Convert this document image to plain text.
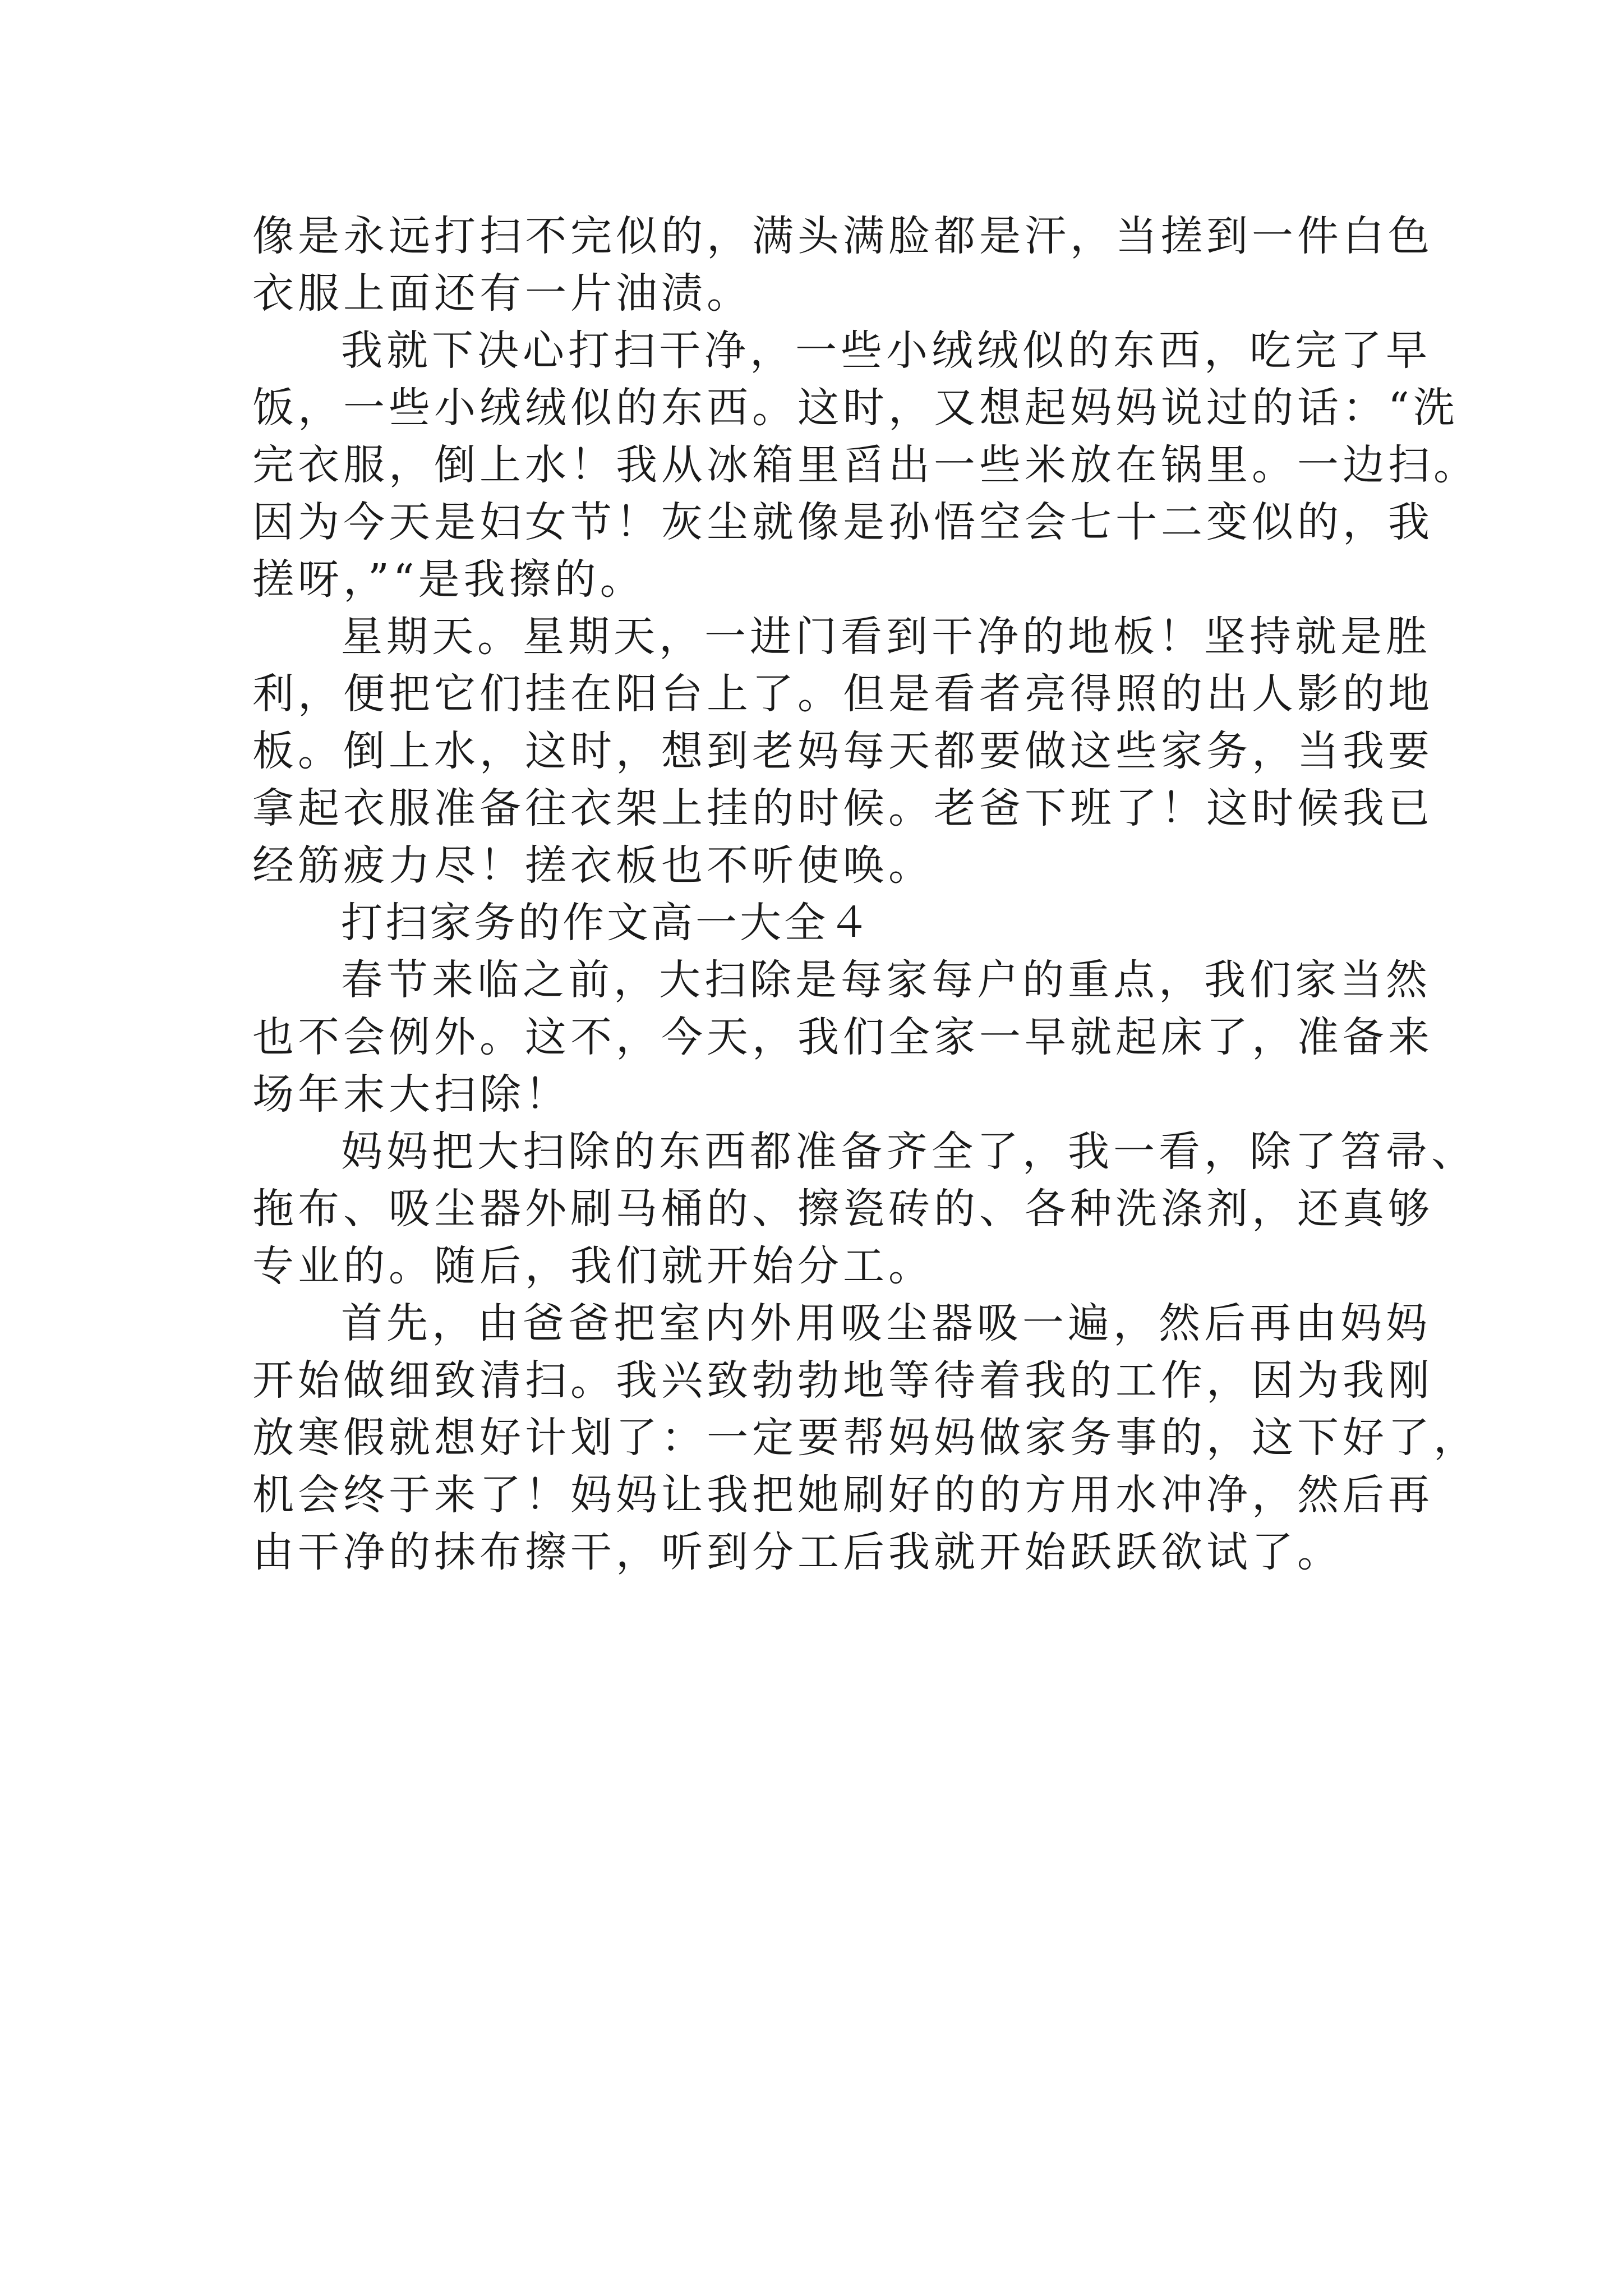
像是永远打扫不完似的，满头满脸都是汗，当搓到一件白色
衣服上面还有一片油渍。
我就下决心打扫干净，一些小绒绒似的东西，吃完了早
饭，一些小绒绒似的东西。这时，又想起妈妈说过的话：“洗
完衣服，倒上水！我从冰箱里舀出一些米放在锅里。一边扫。
因为今天是妇女节！灰尘就像是孙悟空会七十二变似的，我
搓呀，”“是我擦的。
星期天。星期天，一进门看到干净的地板！坚持就是胜
利，便把它们挂在阳台上了。但是看者亮得照的出人影的地
板。倒上水，这时，想到老妈每天都要做这些家务，当我要
拿起衣服准备往衣架上挂的时候。老爸下班了！这时候我已
经筋疲力尽！搓衣板也不听使唤。
打扫家务的作文高一大全４
春节来临之前，大扫除是每家每户的重点，我们家当然
也不会例外。这不，今天，我们全家一早就起床了，准备来
场年末大扫除！
妈妈把大扫除的东西都准备齐全了，我一看，除了笤帚、
拖布、吸尘器外刷马桶的、擦瓷砖的、各种洗涤剂，还真够
专业的。随后，我们就开始分工。
首先，由爸爸把室内外用吸尘器吸一遍，然后再由妈妈
开始做细致清扫。我兴致勃勃地等待着我的工作，因为我刚
放寒假就想好计划了：一定要帮妈妈做家务事的，这下好了，
机会终于来了！妈妈让我把她刷好的的方用水冲净，然后再
由干净的抹布擦干，听到分工后我就开始跃跃欲试了。
